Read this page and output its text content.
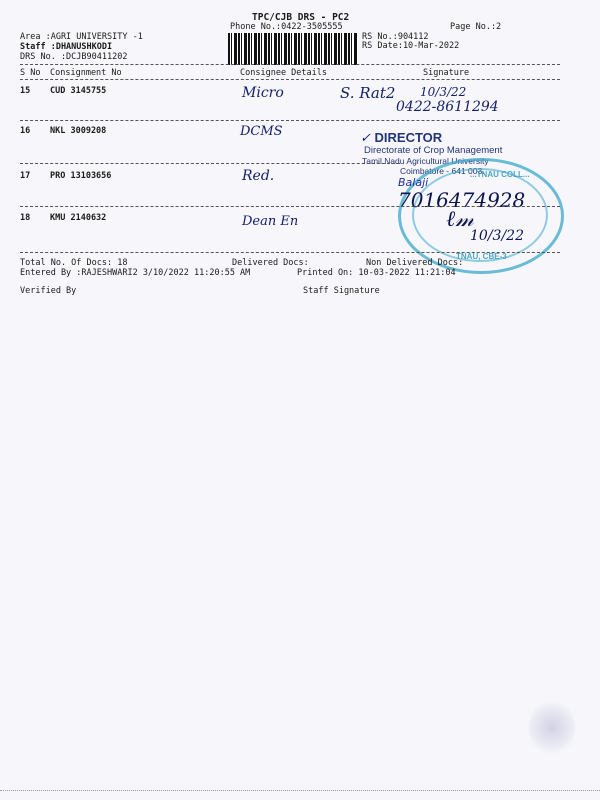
TPC/CJB DRS - PC2
Phone No.:0422-3505555	Page No.:2
Area :AGRI UNIVERSITY -1
Staff :DHANUSHKODI
DRS No. :DCJB90411202
RS No.:904112
RS Date:10-Mar-2022
S No Consignment No	Consignee Details	Signature
15 CUD 3145755	Micro	S. Rat2 10/3/22
0422-8611294
16 NKL 3009208	DCMS	✓ DIRECTOR
Directorate of Crop Management
Tamil Nadu Agricultural University
Coimbatore - 641 003.
17 PRO 13103656	Red.	...TNAU COLL...
TNAU, CBE-3
Balaji
7016474928
18 KMU 2140632	Dean En	ℓ𝓂
10/3/22
Total No. Of Docs: 18	Delivered Docs:	Non Delivered Docs:
Entered By :RAJESHWARI2 3/10/2022 11:20:55 AM	Printed On: 10-03-2022 11:21:04
Verified By	Staff Signature
